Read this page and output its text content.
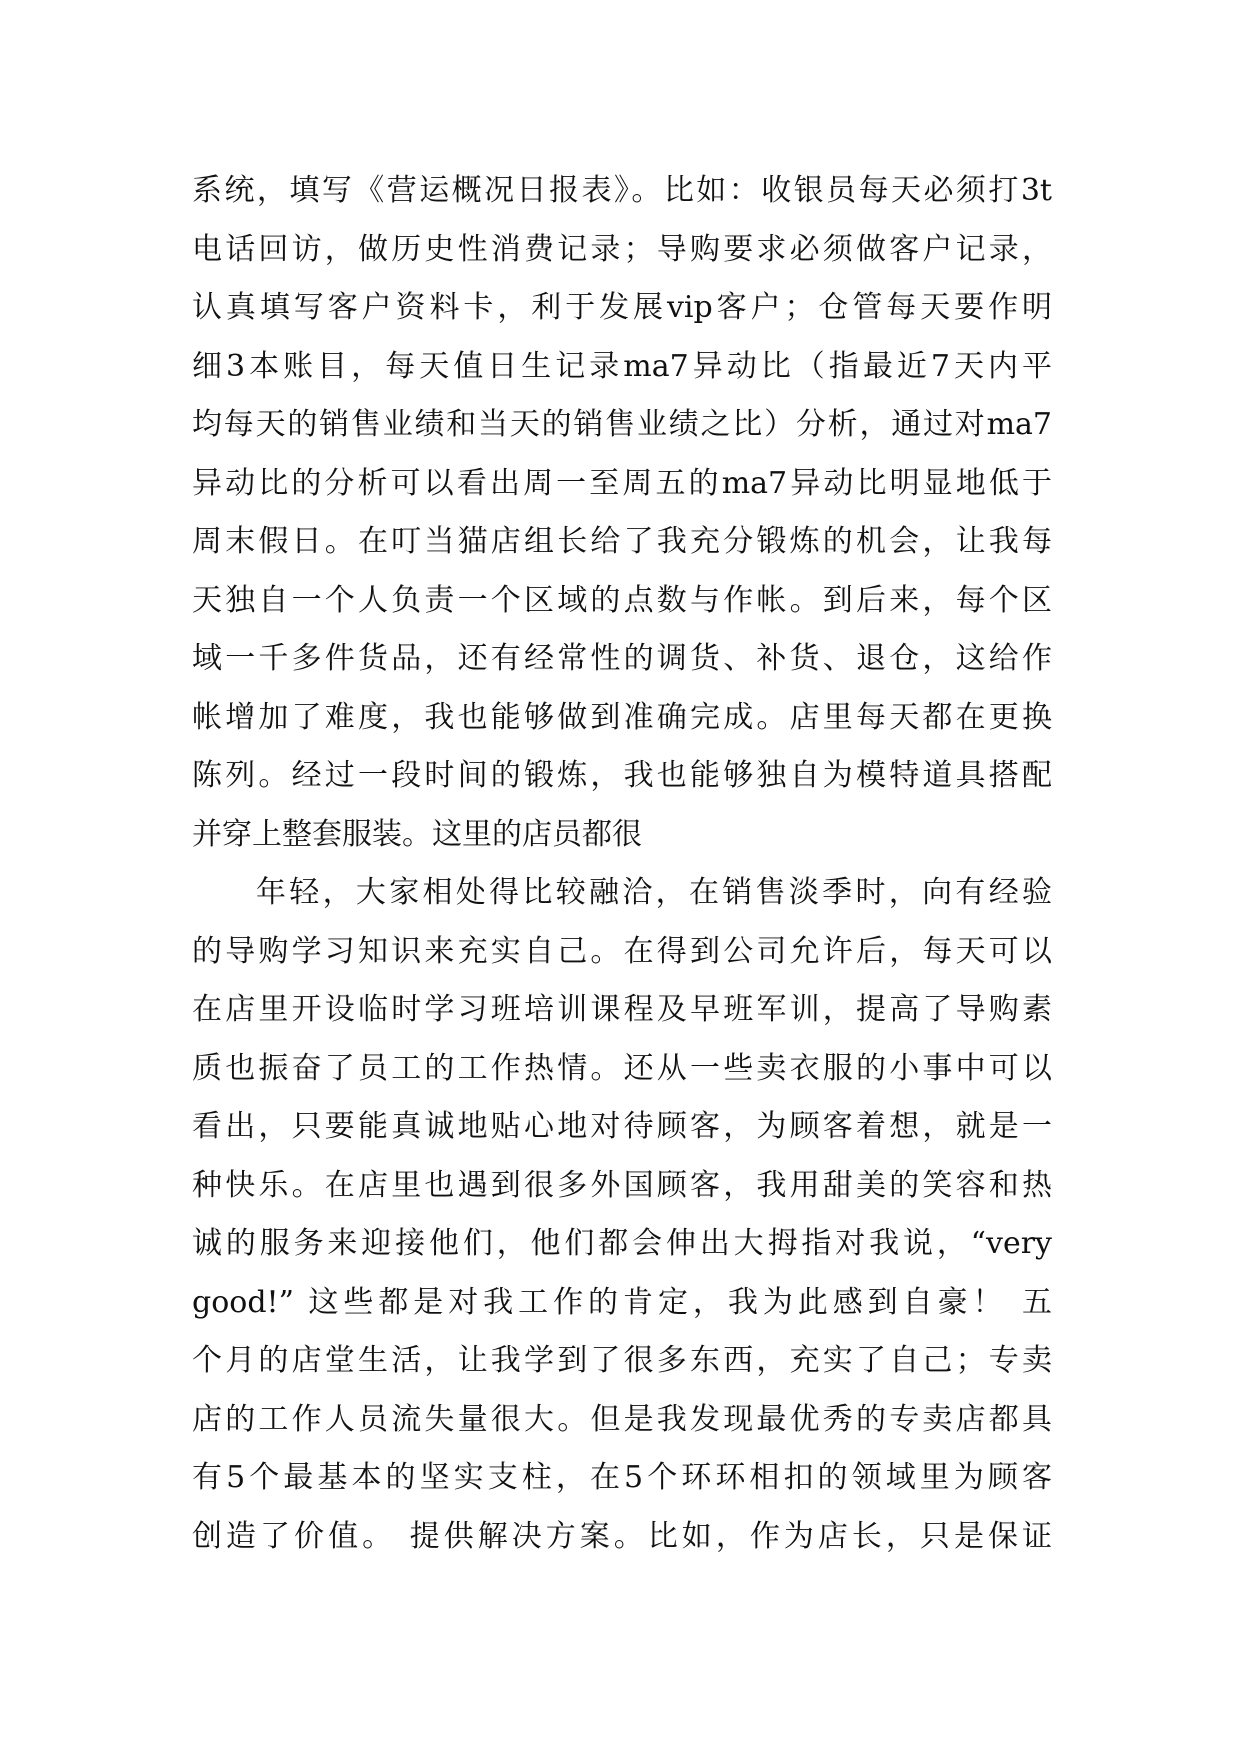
系统，填写《营运概况日报表》。比如：收银员每天必须打3t
电话回访，做历史性消费记录；导购要求必须做客户记录，
认真填写客户资料卡，利于发展vip客户；仓管每天要作明
细3本账目，每天值日生记录ma7异动比（指最近7天内平
均每天的销售业绩和当天的销售业绩之比）分析，通过对ma7
异动比的分析可以看出周一至周五的ma7异动比明显地低于
周末假日。在叮当猫店组长给了我充分锻炼的机会，让我每
天独自一个人负责一个区域的点数与作帐。到后来，每个区
域一千多件货品，还有经常性的调货、补货、退仓，这给作
帐增加了难度，我也能够做到准确完成。店里每天都在更换
陈列。经过一段时间的锻炼，我也能够独自为模特道具搭配
并穿上整套服装。这里的店员都很
年轻，大家相处得比较融洽，在销售淡季时，向有经验
的导购学习知识来充实自己。在得到公司允许后，每天可以
在店里开设临时学习班培训课程及早班军训，提高了导购素
质也振奋了员工的工作热情。还从一些卖衣服的小事中可以
看出，只要能真诚地贴心地对待顾客，为顾客着想，就是一
种快乐。在店里也遇到很多外国顾客，我用甜美的笑容和热
诚的服务来迎接他们，他们都会伸出大拇指对我说，“very
good!” 这些都是对我工作的肯定，我为此感到自豪！ 五
个月的店堂生活，让我学到了很多东西，充实了自己；专卖
店的工作人员流失量很大。但是我发现最优秀的专卖店都具
有5个最基本的坚实支柱，在5个环环相扣的领域里为顾客
创造了价值。 提供解决方案。比如，作为店长，只是保证
